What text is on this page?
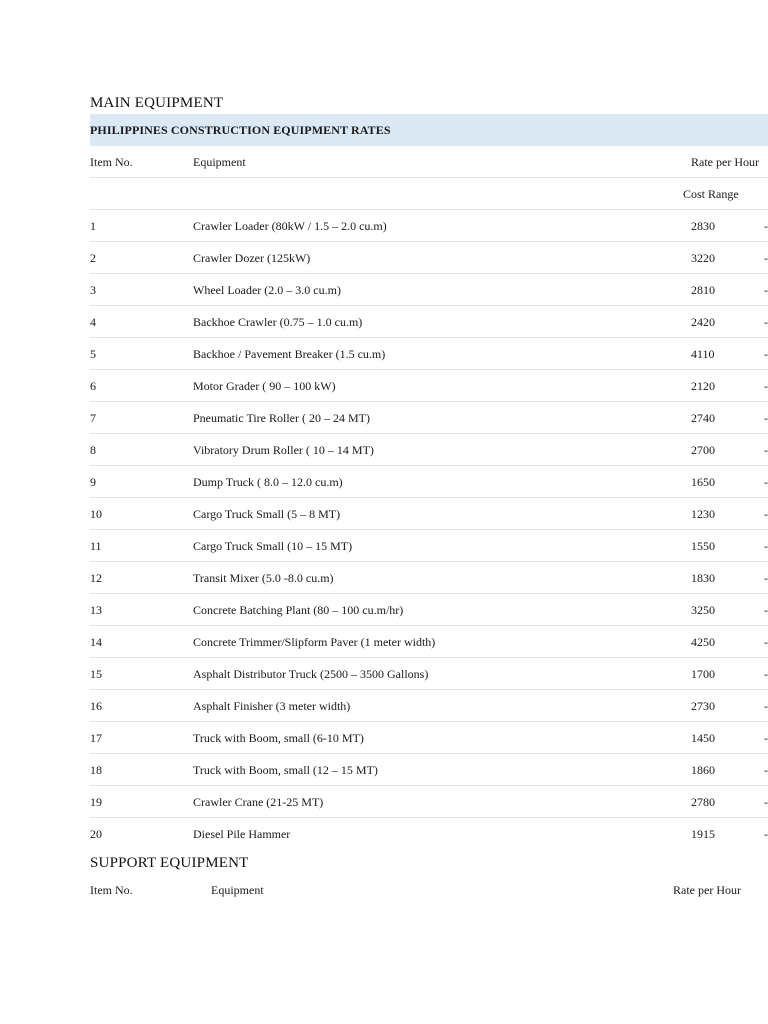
MAIN EQUIPMENT
PHILIPPINES CONSTRUCTION EQUIPMENT RATES
Item No.	Equipment	Rate per Hour
Cost Range
1	Crawler Loader (80kW / 1.5 – 2.0 cu.m)	2830	-
2	Crawler Dozer (125kW)	3220	-
3	Wheel Loader (2.0 – 3.0 cu.m)	2810	-
4	Backhoe Crawler (0.75 – 1.0 cu.m)	2420	-
5	Backhoe / Pavement Breaker (1.5 cu.m)	4110	-
6	Motor Grader ( 90 – 100 kW)	2120	-
7	Pneumatic Tire Roller ( 20 – 24 MT)	2740	-
8	Vibratory Drum Roller ( 10 – 14 MT)	2700	-
9	Dump Truck ( 8.0 – 12.0 cu.m)	1650	-
10	Cargo Truck Small (5 – 8 MT)	1230	-
11	Cargo Truck Small (10 – 15 MT)	1550	-
12	Transit Mixer (5.0 -8.0 cu.m)	1830	-
13	Concrete Batching Plant (80 – 100 cu.m/hr)	3250	-
14	Concrete Trimmer/Slipform Paver (1 meter width)	4250	-
15	Asphalt Distributor Truck (2500 – 3500 Gallons)	1700	-
16	Asphalt Finisher (3 meter width)	2730	-
17	Truck with Boom, small (6-10 MT)	1450	-
18	Truck with Boom, small (12 – 15 MT)	1860	-
19	Crawler Crane (21-25 MT)	2780	-
20	Diesel Pile Hammer	1915	-
SUPPORT EQUIPMENT
Item No.	Equipment	Rate per Hour
